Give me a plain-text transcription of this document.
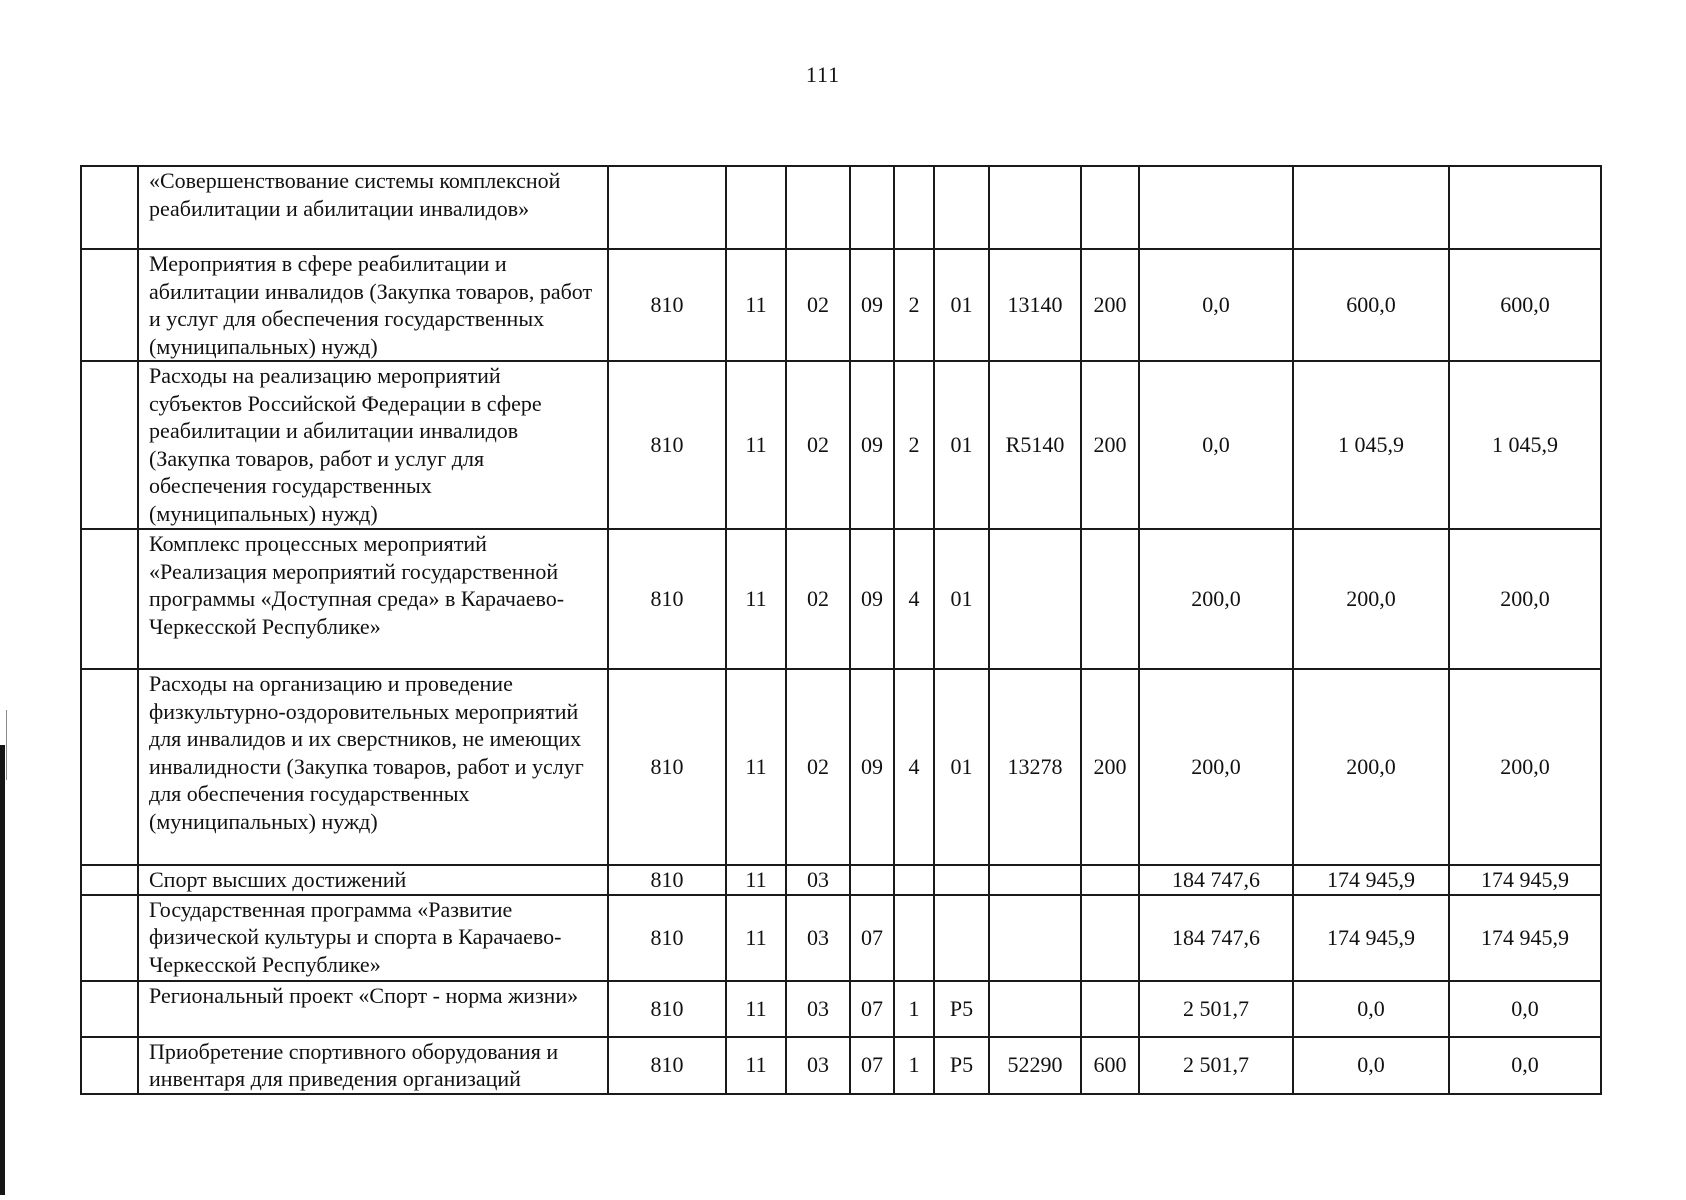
111
	«Совершенствование системы комплексной реабилитации и абилитации инвалидов»											
	Мероприятия в сфере реабилитации и абилитации инвалидов (Закупка товаров, работ и услуг для обеспечения государственных (муниципальных) нужд)	810	11	02	09	2	01	13140	200	0,0	600,0	600,0
	Расходы на реализацию мероприятий субъектов Российской Федерации в сфере реабилитации и абилитации инвалидов (Закупка товаров, работ и услуг для обеспечения государственных (муниципальных) нужд)	810	11	02	09	2	01	R5140	200	0,0	1 045,9	1 045,9
	Комплекс процессных мероприятий «Реализация мероприятий государственной программы «Доступная среда» в Карачаево-Черкесской Республике»	810	11	02	09	4	01			200,0	200,0	200,0
	Расходы на организацию и проведение физкультурно-оздоровительных мероприятий для инвалидов и их сверстников, не имеющих инвалидности (Закупка товаров, работ и услуг для обеспечения государственных (муниципальных) нужд)	810	11	02	09	4	01	13278	200	200,0	200,0	200,0
	Спорт высших достижений	810	11	03						184 747,6	174 945,9	174 945,9
	Государственная программа «Развитие физической культуры и спорта в Карачаево-Черкесской Республике»	810	11	03	07					184 747,6	174 945,9	174 945,9
	Региональный проект «Спорт - норма жизни»	810	11	03	07	1	P5			2 501,7	0,0	0,0
	Приобретение спортивного оборудования и инвентаря для приведения организаций	810	11	03	07	1	P5	52290	600	2 501,7	0,0	0,0
